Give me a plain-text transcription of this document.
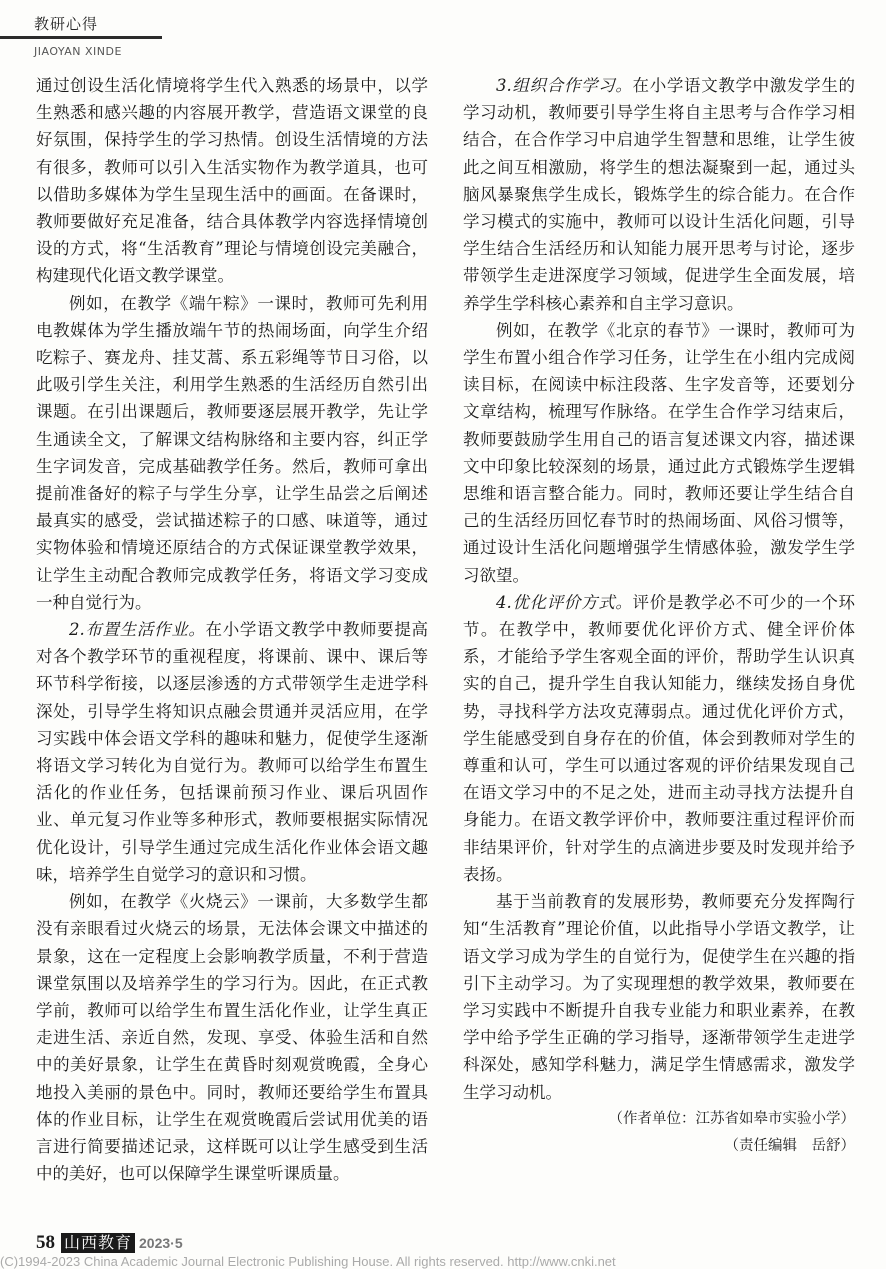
教研心得
JIAOYAN XINDE

通过创设生活化情境将学生代入熟悉的场景中，以学生熟悉和感兴趣的内容展开教学，营造语文课堂的良好氛围，保持学生的学习热情。创设生活情境的方法有很多，教师可以引入生活实物作为教学道具，也可以借助多媒体为学生呈现生活中的画面。在备课时，教师要做好充足准备，结合具体教学内容选择情境创设的方式，将“生活教育”理论与情境创设完美融合，构建现代化语文教学课堂。

例如，在教学《端午粽》一课时，教师可先利用电教媒体为学生播放端午节的热闹场面，向学生介绍吃粽子、赛龙舟、挂艾蒿、系五彩绳等节日习俗，以此吸引学生关注，利用学生熟悉的生活经历自然引出课题。在引出课题后，教师要逐层展开教学，先让学生通读全文，了解课文结构脉络和主要内容，纠正学生字词发音，完成基础教学任务。然后，教师可拿出提前准备好的粽子与学生分享，让学生品尝之后阐述最真实的感受，尝试描述粽子的口感、味道等，通过实物体验和情境还原结合的方式保证课堂教学效果，让学生主动配合教师完成教学任务，将语文学习变成一种自觉行为。

2.布置生活作业。在小学语文教学中教师要提高对各个教学环节的重视程度，将课前、课中、课后等环节科学衔接，以逐层渗透的方式带领学生走进学科深处，引导学生将知识点融会贯通并灵活应用，在学习实践中体会语文学科的趣味和魅力，促使学生逐渐将语文学习转化为自觉行为。教师可以给学生布置生活化的作业任务，包括课前预习作业、课后巩固作业、单元复习作业等多种形式，教师要根据实际情况优化设计，引导学生通过完成生活化作业体会语文趣味，培养学生自觉学习的意识和习惯。

例如，在教学《火烧云》一课前，大多数学生都没有亲眼看过火烧云的场景，无法体会课文中描述的景象，这在一定程度上会影响教学质量，不利于营造课堂氛围以及培养学生的学习行为。因此，在正式教学前，教师可以给学生布置生活化作业，让学生真正走进生活、亲近自然，发现、享受、体验生活和自然中的美好景象，让学生在黄昏时刻观赏晚霞，全身心地投入美丽的景色中。同时，教师还要给学生布置具体的作业目标，让学生在观赏晚霞后尝试用优美的语言进行简要描述记录，这样既可以让学生感受到生活中的美好，也可以保障学生课堂听课质量。

3.组织合作学习。在小学语文教学中激发学生的学习动机，教师要引导学生将自主思考与合作学习相结合，在合作学习中启迪学生智慧和思维，让学生彼此之间互相激励，将学生的想法凝聚到一起，通过头脑风暴聚焦学生成长，锻炼学生的综合能力。在合作学习模式的实施中，教师可以设计生活化问题，引导学生结合生活经历和认知能力展开思考与讨论，逐步带领学生走进深度学习领域，促进学生全面发展，培养学生学科核心素养和自主学习意识。

例如，在教学《北京的春节》一课时，教师可为学生布置小组合作学习任务，让学生在小组内完成阅读目标，在阅读中标注段落、生字发音等，还要划分文章结构，梳理写作脉络。在学生合作学习结束后，教师要鼓励学生用自己的语言复述课文内容，描述课文中印象比较深刻的场景，通过此方式锻炼学生逻辑思维和语言整合能力。同时，教师还要让学生结合自己的生活经历回忆春节时的热闹场面、风俗习惯等，通过设计生活化问题增强学生情感体验，激发学生学习欲望。

4.优化评价方式。评价是教学必不可少的一个环节。在教学中，教师要优化评价方式、健全评价体系，才能给予学生客观全面的评价，帮助学生认识真实的自己，提升学生自我认知能力，继续发扬自身优势，寻找科学方法攻克薄弱点。通过优化评价方式，学生能感受到自身存在的价值，体会到教师对学生的尊重和认可，学生可以通过客观的评价结果发现自己在语文学习中的不足之处，进而主动寻找方法提升自身能力。在语文教学评价中，教师要注重过程评价而非结果评价，针对学生的点滴进步要及时发现并给予表扬。

基于当前教育的发展形势，教师要充分发挥陶行知“生活教育”理论价值，以此指导小学语文教学，让语文学习成为学生的自觉行为，促使学生在兴趣的指引下主动学习。为了实现理想的教学效果，教师要在学习实践中不断提升自我专业能力和职业素养，在教学中给予学生正确的学习指导，逐渐带领学生走进学科深处，感知学科魅力，满足学生情感需求，激发学生学习动机。

（作者单位：江苏省如皋市实验小学）

（责任编辑　岳舒）

58 山西教育 2023·5
(C)1994-2023 China Academic Journal Electronic Publishing House. All rights reserved. http://www.cnki.net
